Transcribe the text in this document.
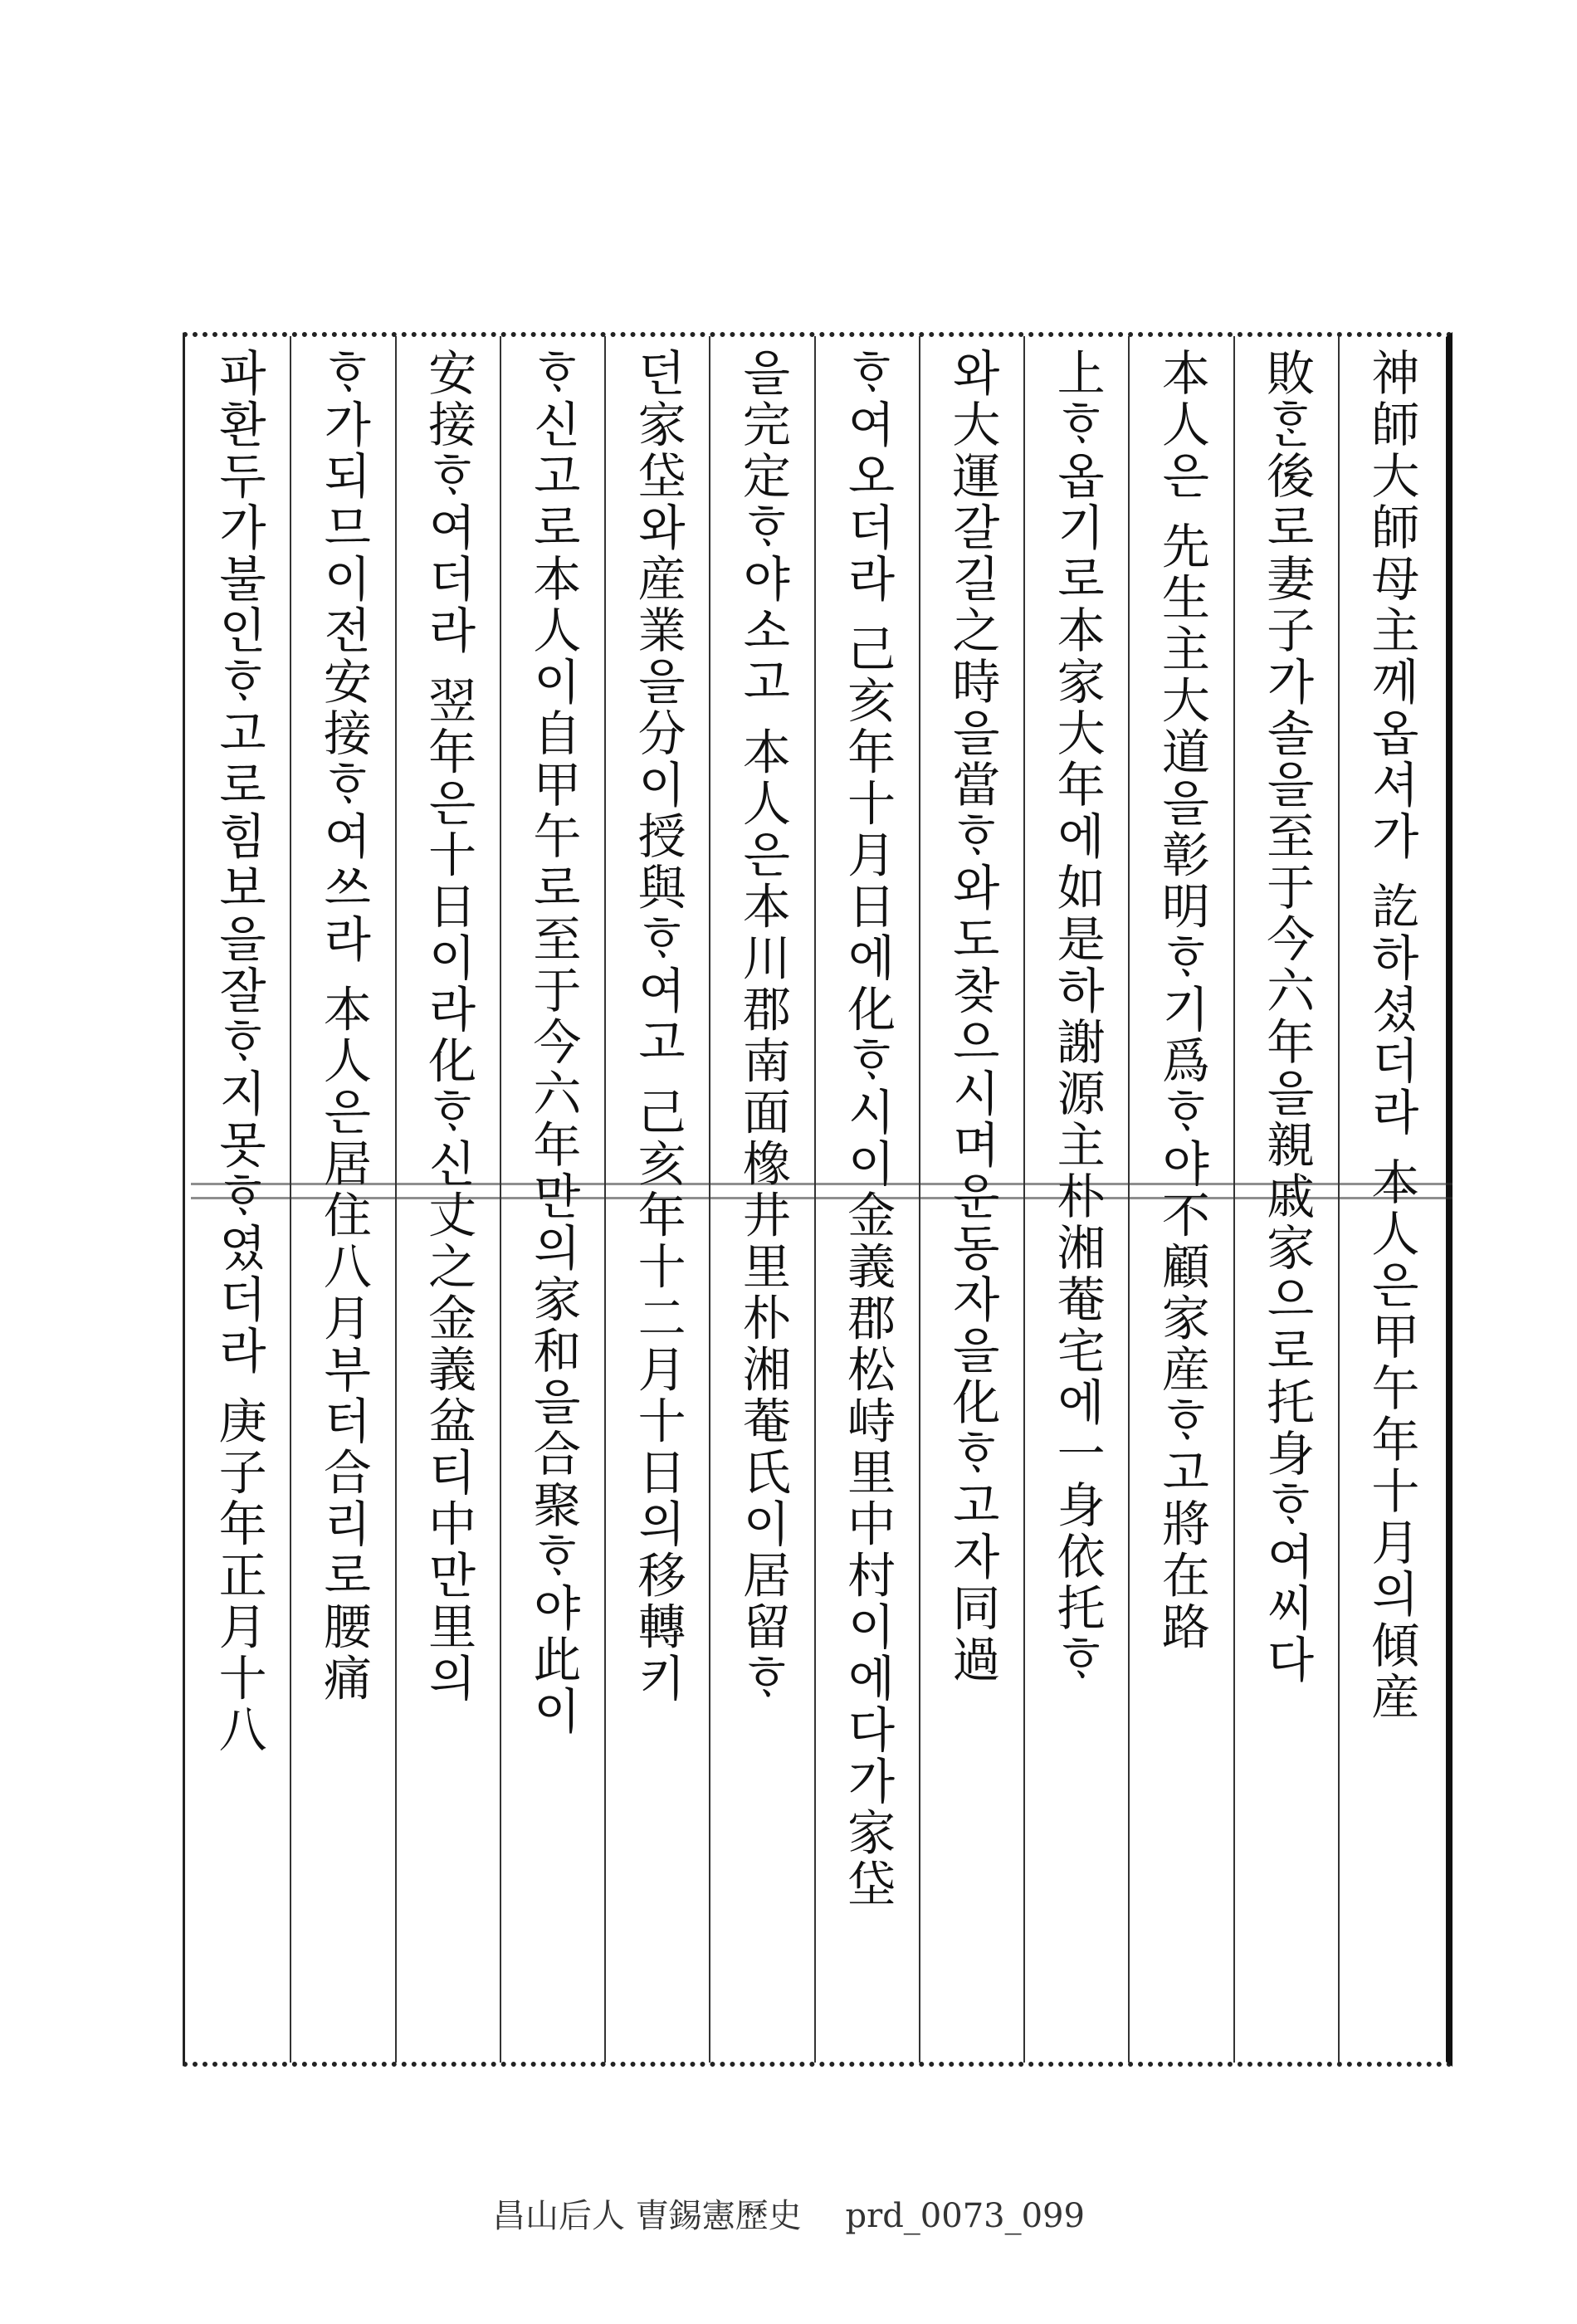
神師大師母主께옵셔가 訖하셨더라 本人은甲午年十月의傾産
敗ᄒᆞᆫ後로妻子가솔을至于今六年을親戚家으로托身ᄒᆞ여씨다
本人은 先生主大道을彰明ᄒᆞ기爲ᄒᆞ야不顧家産ᄒᆞ고將在路
上ᄒᆞ옵기로本家大年에如是하謝源主朴湘菴宅에一身依托ᄒᆞ
와大運갈길之時을當ᄒᆞ와도찾으시며운동자을化ᄒᆞ고자同過
ᄒᆞ여오더라 己亥年十月日에化ᄒᆞ시이金義郡松峙里中村이에다가家垈
을完定ᄒᆞ야소고 本人은本川郡南面橡井里朴湘菴氏이居留ᄒᆞ
던家垈와産業을分이授與ᄒᆞ여고 己亥年十二月十日의移轉키
ᄒᆞ신고로本人이自甲午로至于今六年만의家和을合聚ᄒᆞ야此이
安接ᄒᆞ여더라 翌年은十日이라化ᄒᆞ신丈之金義盆티中만里의
ᄒᆞ가되므이전安接ᄒᆞ여쓰라 本人은居住八月부터合리로腰痛
파환두가불인ᄒᆞ고로힘보을잘ᄒᆞ지못ᄒᆞ였더라 庚子年正月十八
昌山后人 曺錫憲歷史 prd_0073_099
